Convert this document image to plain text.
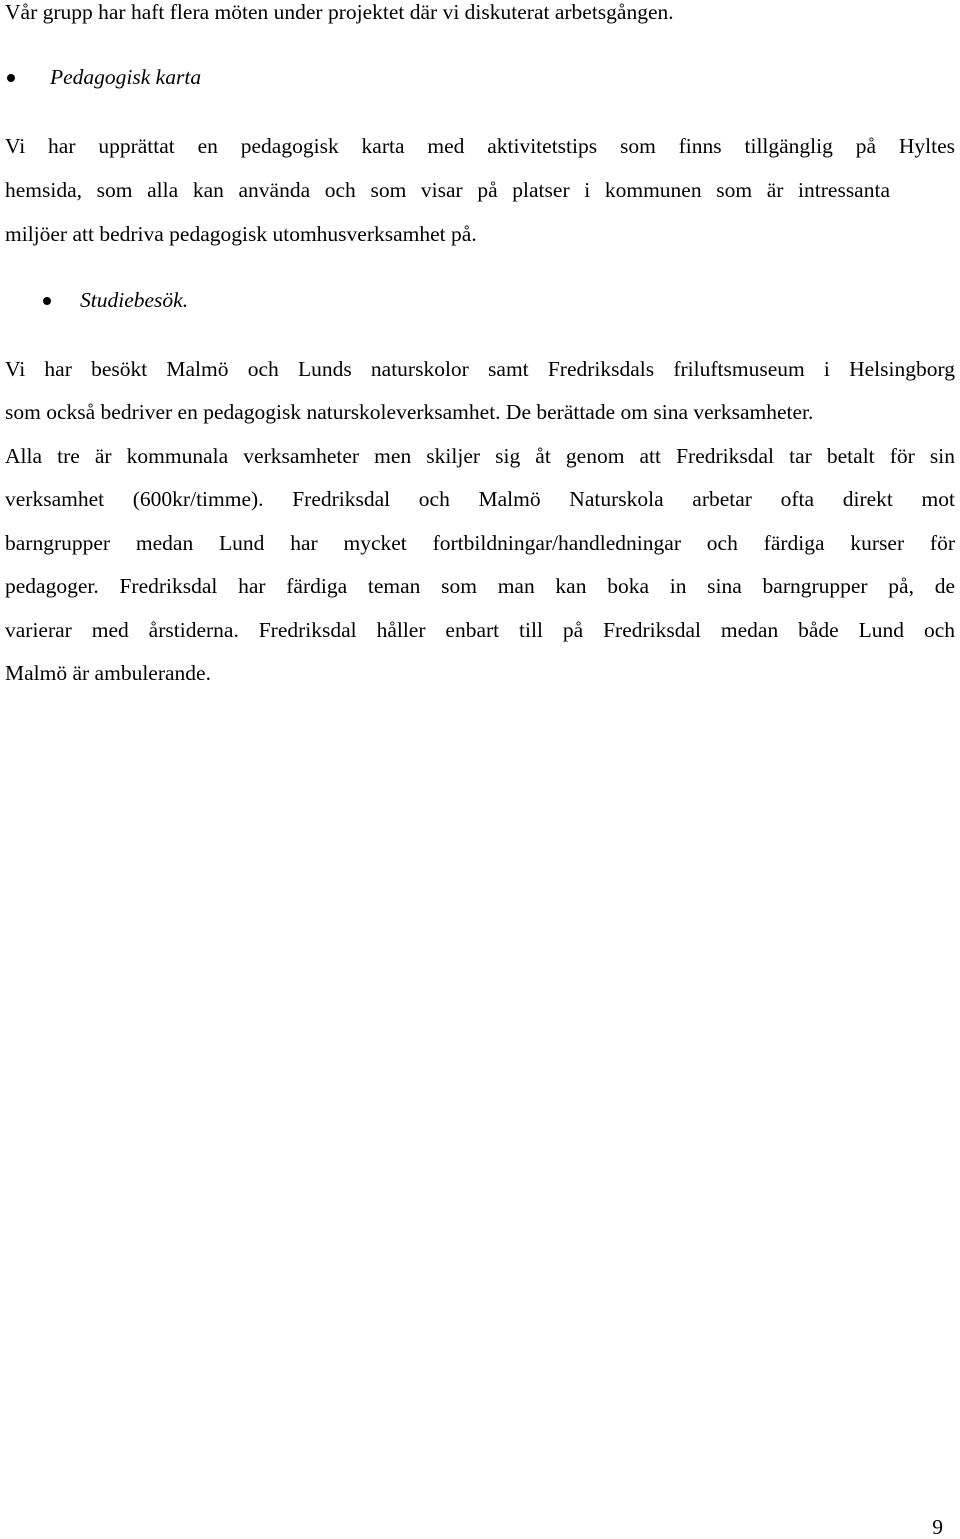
Vår grupp har haft flera möten under projektet där vi diskuterat arbetsgången.
Pedagogisk karta
Vi har upprättat en pedagogisk karta med aktivitetstips som finns tillgänglig på Hyltes
hemsida, som alla kan använda och som visar på platser i kommunen som är intressanta
miljöer att bedriva pedagogisk utomhusverksamhet på.
Studiebesök.
Vi har besökt Malmö och Lunds naturskolor samt Fredriksdals friluftsmuseum i Helsingborg
som också bedriver en pedagogisk naturskoleverksamhet. De berättade om sina verksamheter.
Alla tre är kommunala verksamheter men skiljer sig åt genom att Fredriksdal tar betalt för sin
verksamhet (600kr/timme). Fredriksdal och Malmö Naturskola arbetar ofta direkt mot
barngrupper medan Lund har mycket fortbildningar/handledningar och färdiga kurser för
pedagoger. Fredriksdal har färdiga teman som man kan boka in sina barngrupper på, de
varierar med årstiderna. Fredriksdal håller enbart till på Fredriksdal medan både Lund och
Malmö är ambulerande.
9
